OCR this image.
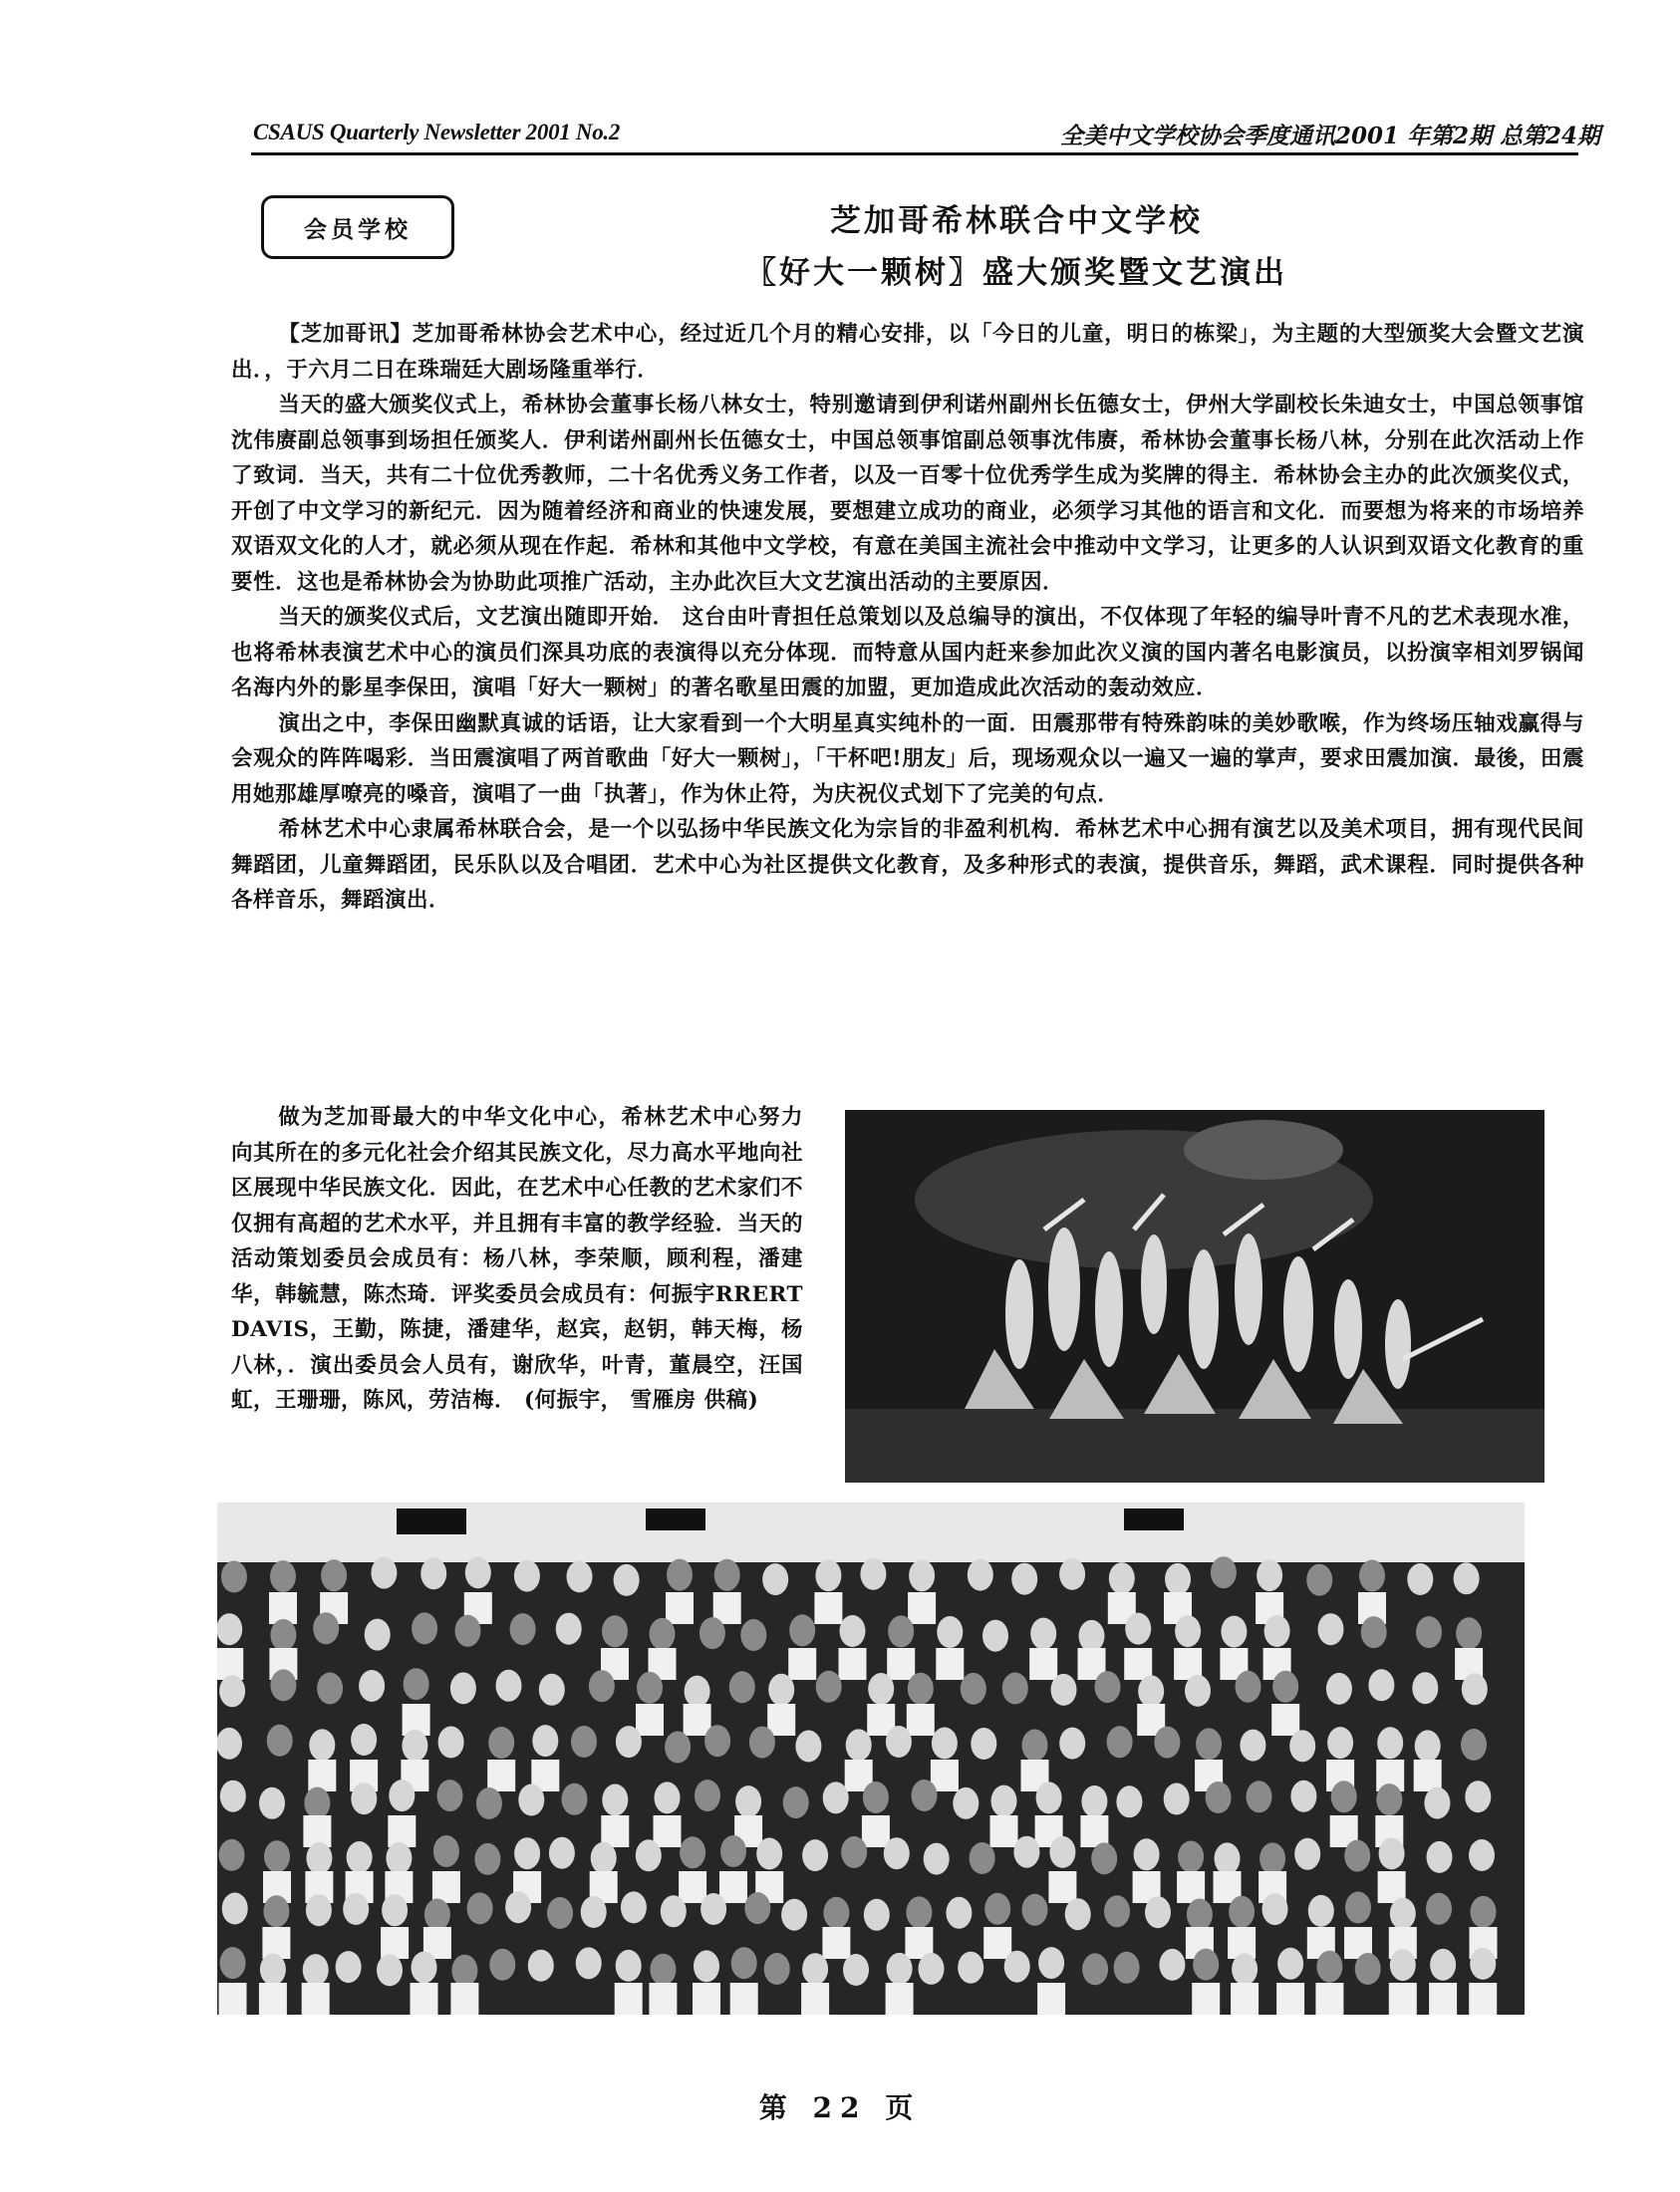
CSAUS Quarterly Newsletter 2001 No.2	全美中文学校协会季度通讯2001 年第2期 总第24期
会员学校	芝加哥希林联合中文学校
〖好大一颗树〗盛大颁奖暨文艺演出

【芝加哥讯】芝加哥希林协会艺术中心，经过近几个月的精心安排，以「今日的儿童，明日的栋梁」，为主题的大型颁奖大会暨文艺演出．，于六月二日在珠瑞廷大剧场隆重举行．

当天的盛大颁奖仪式上，希林协会董事长杨八林女士，特别邀请到伊利诺州副州长伍德女士，伊州大学副校长朱迪女士，中国总领事馆沈伟赓副总领事到场担任颁奖人．伊利诺州副州长伍德女士，中国总领事馆副总领事沈伟赓，希林协会董事长杨八林，分别在此次活动上作了致词．当天，共有二十位优秀教师，二十名优秀义务工作者，以及一百零十位优秀学生成为奖牌的得主．希林协会主办的此次颁奖仪式，开创了中文学习的新纪元．因为随着经济和商业的快速发展，要想建立成功的商业，必须学习其他的语言和文化．而要想为将来的市场培养双语双文化的人才，就必须从现在作起．希林和其他中文学校，有意在美国主流社会中推动中文学习，让更多的人认识到双语文化教育的重要性．这也是希林协会为协助此项推广活动，主办此次巨大文艺演出活动的主要原因．

当天的颁奖仪式后，文艺演出随即开始． 这台由叶青担任总策划以及总编导的演出，不仅体现了年轻的编导叶青不凡的艺术表现水准，也将希林表演艺术中心的演员们深具功底的表演得以充分体现．而特意从国内赶来参加此次义演的国内著名电影演员，以扮演宰相刘罗锅闻名海内外的影星李保田，演唱「好大一颗树」的著名歌星田震的加盟，更加造成此次活动的轰动效应．

演出之中，李保田幽默真诚的话语，让大家看到一个大明星真实纯朴的一面．田震那带有特殊韵味的美妙歌喉，作为终场压轴戏赢得与会观众的阵阵喝彩．当田震演唱了两首歌曲「好大一颗树」，「干杯吧!朋友」后，现场观众以一遍又一遍的掌声，要求田震加演．最後，田震用她那雄厚嘹亮的嗓音，演唱了一曲「执著」，作为休止符，为庆祝仪式划下了完美的句点．

希林艺术中心隶属希林联合会，是一个以弘扬中华民族文化为宗旨的非盈利机构．希林艺术中心拥有演艺以及美术项目，拥有现代民间舞蹈团，儿童舞蹈团，民乐队以及合唱团．艺术中心为社区提供文化教育，及多种形式的表演，提供音乐，舞蹈，武术课程．同时提供各种各样音乐，舞蹈演出．

做为芝加哥最大的中华文化中心，希林艺术中心努力向其所在的多元化社会介绍其民族文化，尽力高水平地向社区展现中华民族文化．因此，在艺术中心任教的艺术家们不仅拥有高超的艺术水平，并且拥有丰富的教学经验．当天的活动策划委员会成员有：杨八林，李荣顺，顾利程，潘建华，韩毓慧，陈杰琦．评奖委员会成员有：何振宇RRERT DAVIS，王勤，陈捷，潘建华，赵宾，赵钥，韩天梅，杨八林，．演出委员会人员有，谢欣华，叶青，董晨空，汪国虹，王珊珊，陈风，劳洁梅． (何振宇， 雪雁房 供稿)

第 22 页
